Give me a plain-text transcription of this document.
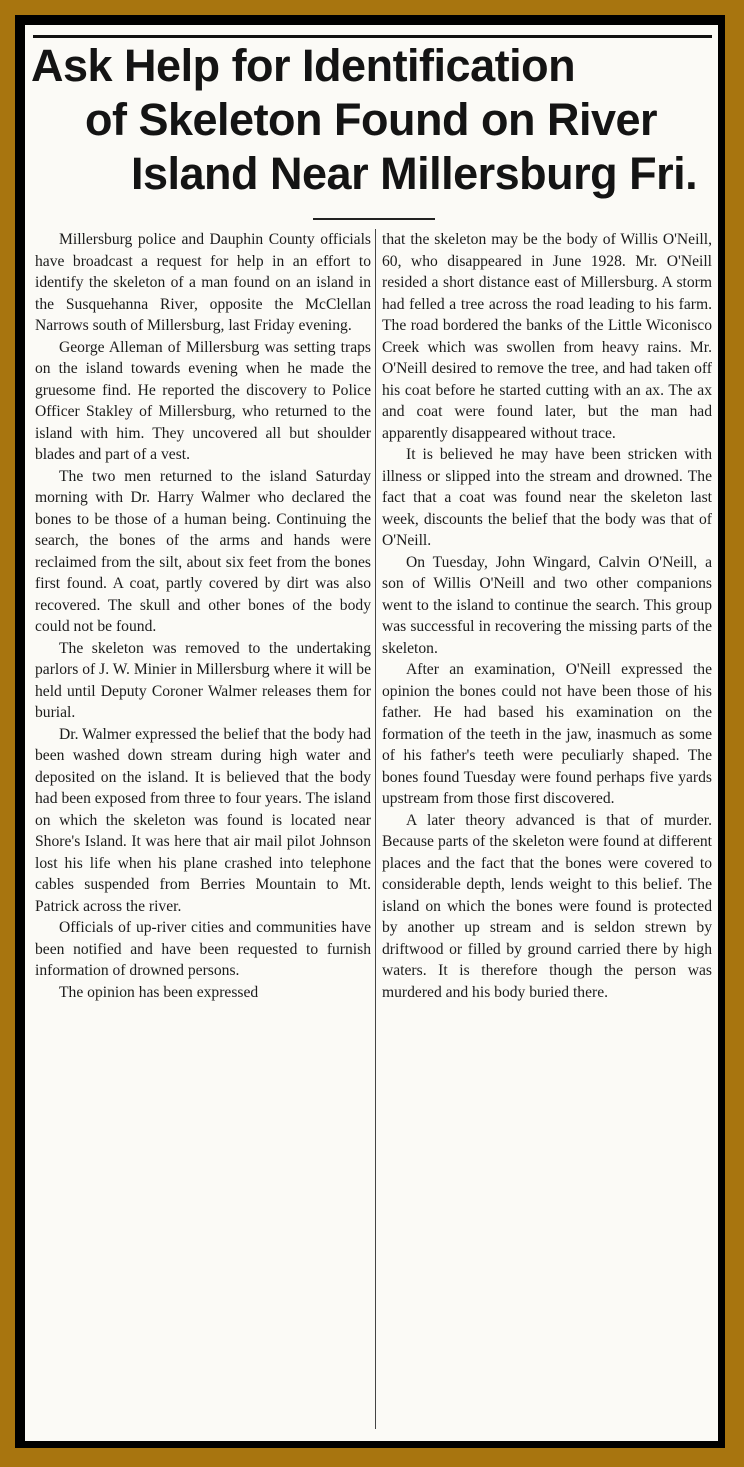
Ask Help for Identification
of Skeleton Found on River
Island Near Millersburg Fri.

Millersburg police and Dauphin County officials have broadcast a request for help in an effort to identify the skeleton of a man found on an island in the Susquehanna River, opposite the McClellan Narrows south of Millersburg, last Friday evening.

George Alleman of Millersburg was setting traps on the island towards evening when he made the gruesome find. He reported the discovery to Police Officer Stakley of Millersburg, who returned to the island with him. They uncovered all but shoulder blades and part of a vest.

The two men returned to the island Saturday morning with Dr. Harry Walmer who declared the bones to be those of a human being. Continuing the search, the bones of the arms and hands were reclaimed from the silt, about six feet from the bones first found. A coat, partly covered by dirt was also recovered. The skull and other bones of the body could not be found.

The skeleton was removed to the undertaking parlors of J. W. Minier in Millersburg where it will be held until Deputy Coroner Walmer releases them for burial.

Dr. Walmer expressed the belief that the body had been washed down stream during high water and deposited on the island. It is believed that the body had been exposed from three to four years. The island on which the skeleton was found is located near Shore's Island. It was here that air mail pilot Johnson lost his life when his plane crashed into telephone cables suspended from Berries Mountain to Mt. Patrick across the river.

Officials of up-river cities and communities have been notified and have been requested to furnish information of drowned persons.

The opinion has been expressed

that the skeleton may be the body of Willis O'Neill, 60, who disappeared in June 1928. Mr. O'Neill resided a short distance east of Millersburg. A storm had felled a tree across the road leading to his farm. The road bordered the banks of the Little Wiconisco Creek which was swollen from heavy rains. Mr. O'Neill desired to remove the tree, and had taken off his coat before he started cutting with an ax. The ax and coat were found later, but the man had apparently disappeared without trace.

It is believed he may have been stricken with illness or slipped into the stream and drowned. The fact that a coat was found near the skeleton last week, discounts the belief that the body was that of O'Neill.

On Tuesday, John Wingard, Calvin O'Neill, a son of Willis O'Neill and two other companions went to the island to continue the search. This group was successful in recovering the missing parts of the skeleton.

After an examination, O'Neill expressed the opinion the bones could not have been those of his father. He had based his examination on the formation of the teeth in the jaw, inasmuch as some of his father's teeth were peculiarly shaped. The bones found Tuesday were found perhaps five yards upstream from those first discovered.

A later theory advanced is that of murder. Because parts of the skeleton were found at different places and the fact that the bones were covered to considerable depth, lends weight to this belief. The island on which the bones were found is protected by another up stream and is seldon strewn by driftwood or filled by ground carried there by high waters. It is therefore though the person was murdered and his body buried there.
